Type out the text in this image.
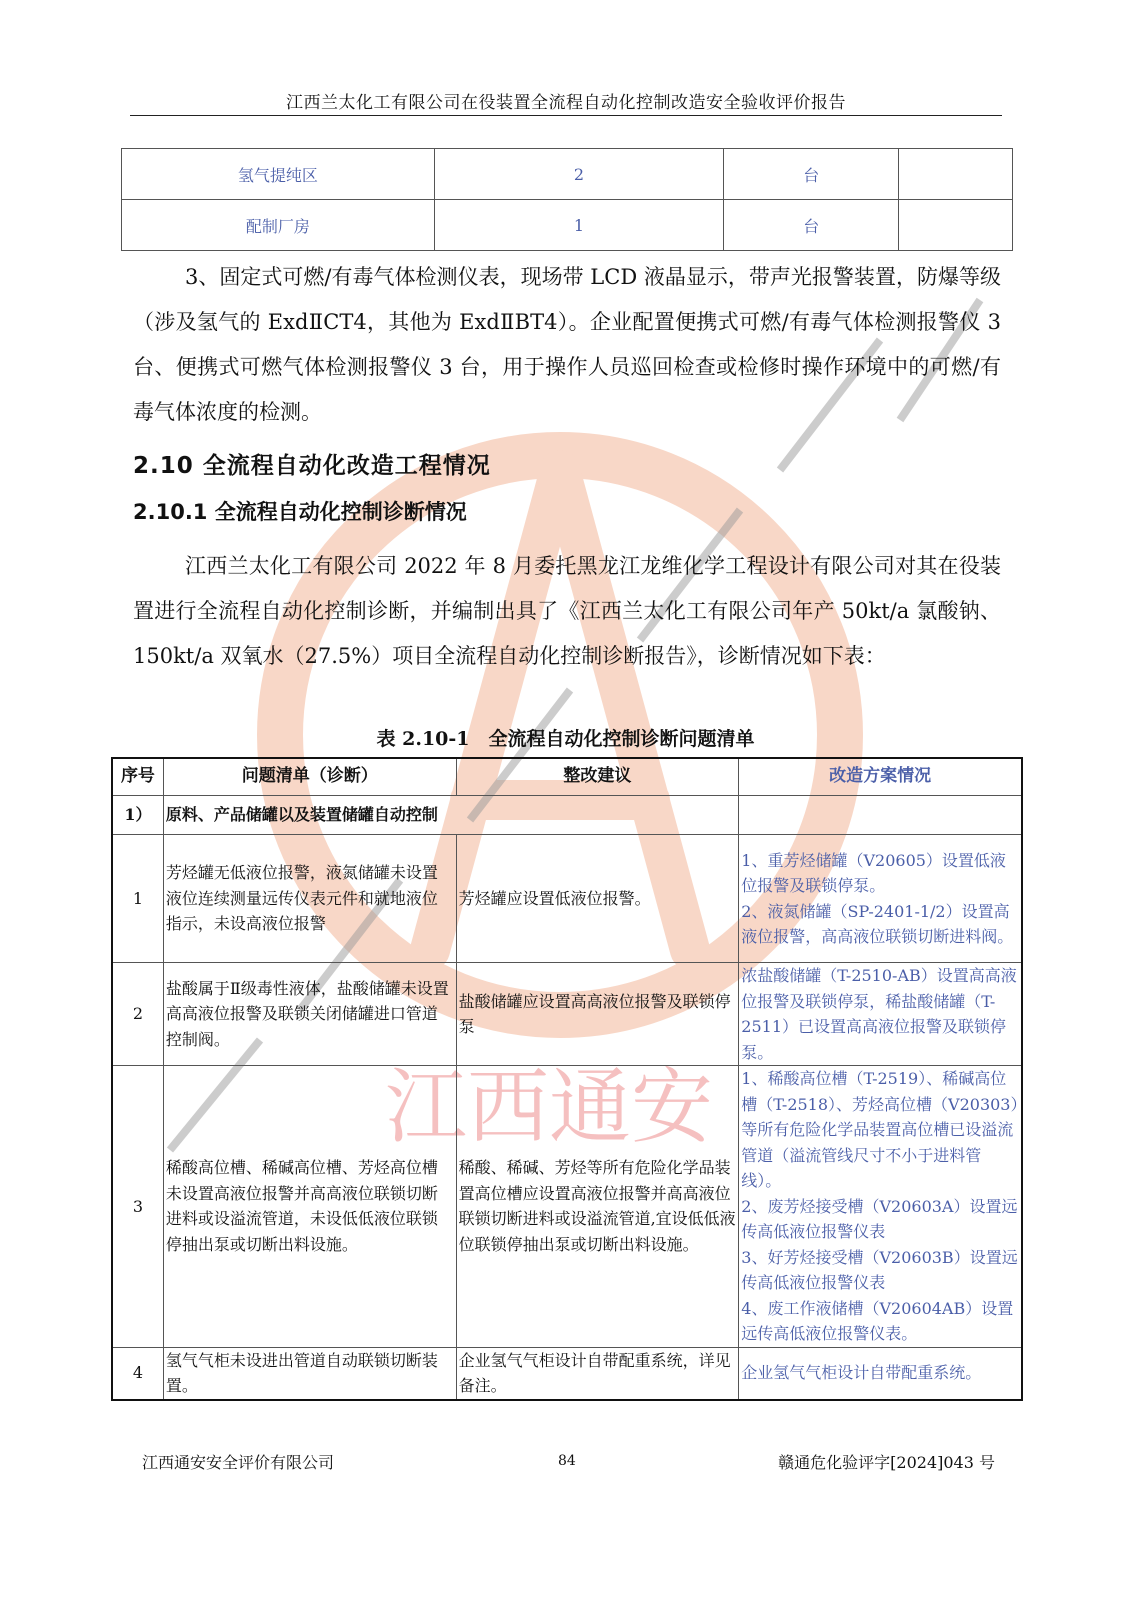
江西通安
江西兰太化工有限公司在役装置全流程自动化控制改造安全验收评价报告
氢气提纯区	2	台	
配制厂房	1	台	
3、固定式可燃/有毒气体检测仪表，现场带 LCD 液晶显示，带声光报警装置，防爆等级（涉及氢气的 ExdⅡCT4，其他为 ExdⅡBT4）。企业配置便携式可燃/有毒气体检测报警仪 3 台、便携式可燃气体检测报警仪 3 台，用于操作人员巡回检查或检修时操作环境中的可燃/有毒气体浓度的检测。
2.10 全流程自动化改造工程情况
2.10.1 全流程自动化控制诊断情况
江西兰太化工有限公司 2022 年 8 月委托黑龙江龙维化学工程设计有限公司对其在役装置进行全流程自动化控制诊断，并编制出具了《江西兰太化工有限公司年产 50kt/a 氯酸钠、150kt/a 双氧水（27.5%）项目全流程自动化控制诊断报告》，诊断情况如下表：
表 2.10-1　全流程自动化控制诊断问题清单
序号	问题清单（诊断）	整改建议	改造方案情况
1）	原料、产品储罐以及装置储罐自动控制		
1	芳烃罐无低液位报警，液氮储罐未设置液位连续测量远传仪表元件和就地液位指示，未设高液位报警	芳烃罐应设置低液位报警。	1、重芳烃储罐（V20605）设置低液位报警及联锁停泵。
2、液氮储罐（SP-2401-1/2）设置高液位报警，高高液位联锁切断进料阀。
2	盐酸属于Ⅱ级毒性液体，盐酸储罐未设置高高液位报警及联锁关闭储罐进口管道控制阀。	盐酸储罐应设置高高液位报警及联锁停泵	浓盐酸储罐（T-2510-AB）设置高高液位报警及联锁停泵，稀盐酸储罐（T-2511）已设置高高液位报警及联锁停泵。
3	稀酸高位槽、稀碱高位槽、芳烃高位槽未设置高液位报警并高高液位联锁切断进料或设溢流管道，未设低低液位联锁停抽出泵或切断出料设施。	稀酸、稀碱、芳烃等所有危险化学品装置高位槽应设置高液位报警并高高液位联锁切断进料或设溢流管道,宜设低低液位联锁停抽出泵或切断出料设施。	1、稀酸高位槽（T-2519）、稀碱高位槽（T-2518）、芳烃高位槽（V20303）等所有危险化学品装置高位槽已设溢流管道（溢流管线尺寸不小于进料管线）。
2、废芳烃接受槽（V20603A）设置远传高低液位报警仪表
3、好芳烃接受槽（V20603B）设置远传高低液位报警仪表
4、废工作液储槽（V20604AB）设置远传高低液位报警仪表。
4	氢气气柜未设进出管道自动联锁切断装置。	企业氢气气柜设计自带配重系统，详见备注。	企业氢气气柜设计自带配重系统。
江西通安安全评价有限公司	84	赣通危化验评字[2024]043 号
